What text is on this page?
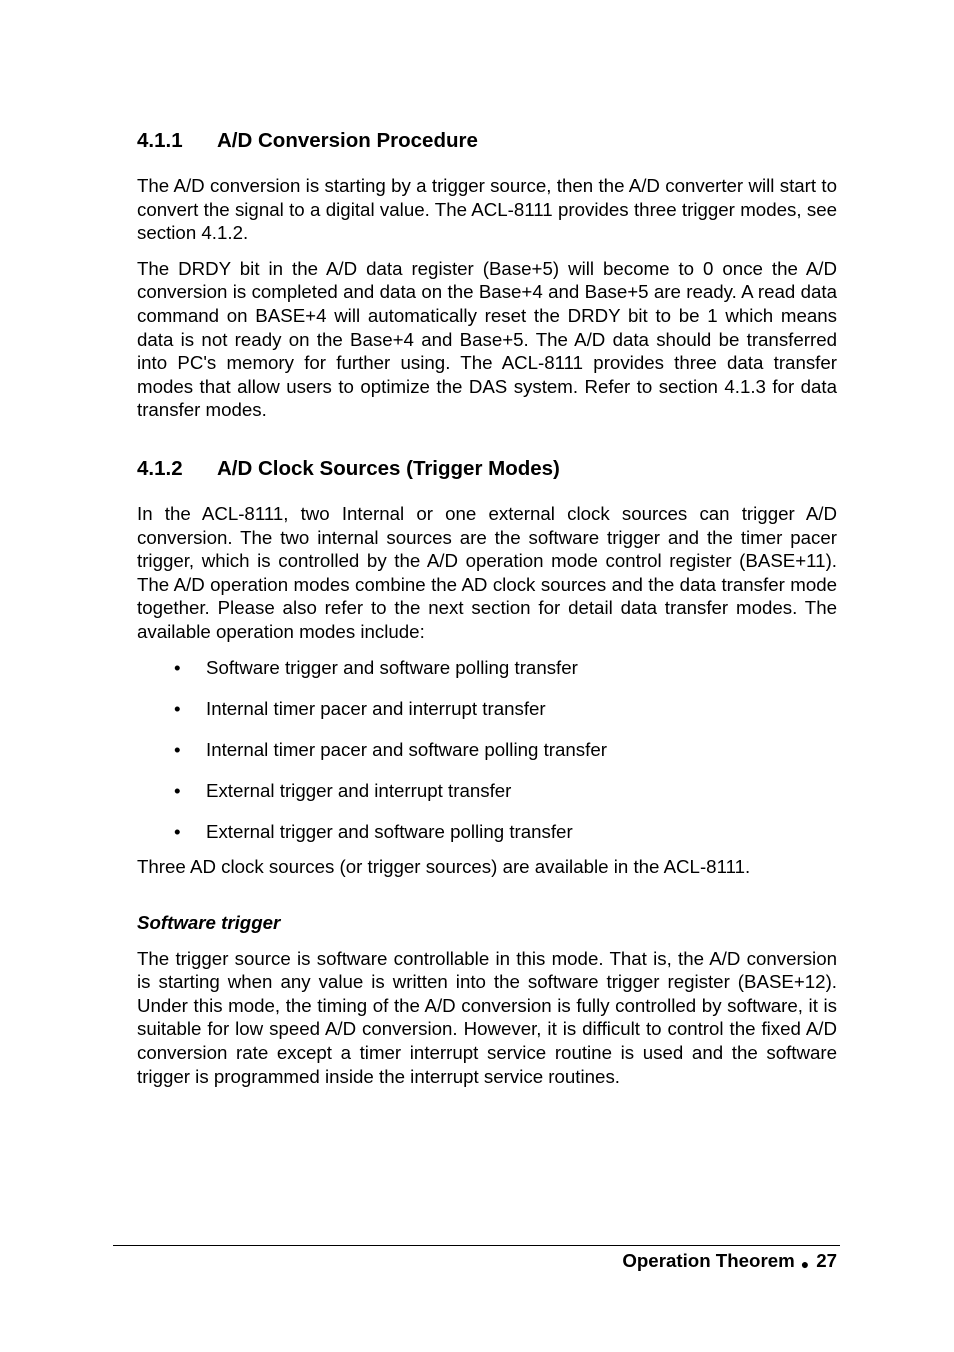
4.1.1 A/D Conversion Procedure

The A/D conversion is starting by a trigger source, then the A/D converter will start to convert the signal to a digital value. The ACL-8111 provides three trigger modes, see section 4.1.2.

The DRDY bit in the A/D data register (Base+5) will become to 0 once the A/D conversion is completed and data on the Base+4 and Base+5 are ready. A read data command on BASE+4 will automatically reset the DRDY bit to be 1 which means data is not ready on the Base+4 and Base+5. The A/D data should be transferred into PC's memory for further using. The ACL-8111 provides three data transfer modes that allow users to optimize the DAS system. Refer to section 4.1.3 for data transfer modes.

4.1.2 A/D Clock Sources (Trigger Modes)

In the ACL-8111, two Internal or one external clock sources can trigger A/D conversion. The two internal sources are the software trigger and the timer pacer trigger, which is controlled by the A/D operation mode control register (BASE+11). The A/D operation modes combine the AD clock sources and the data transfer mode together. Please also refer to the next section for detail data transfer modes. The available operation modes include:

• Software trigger and software polling transfer
• Internal timer pacer and interrupt transfer
• Internal timer pacer and software polling transfer
• External trigger and interrupt transfer
• External trigger and software polling transfer

Three AD clock sources (or trigger sources) are available in the ACL-8111.

Software trigger

The trigger source is software controllable in this mode. That is, the A/D conversion is starting when any value is written into the software trigger register (BASE+12). Under this mode, the timing of the A/D conversion is fully controlled by software, it is suitable for low speed A/D conversion. However, it is difficult to control the fixed A/D conversion rate except a timer interrupt service routine is used and the software trigger is programmed inside the interrupt service routines.

Operation Theorem ● 27
